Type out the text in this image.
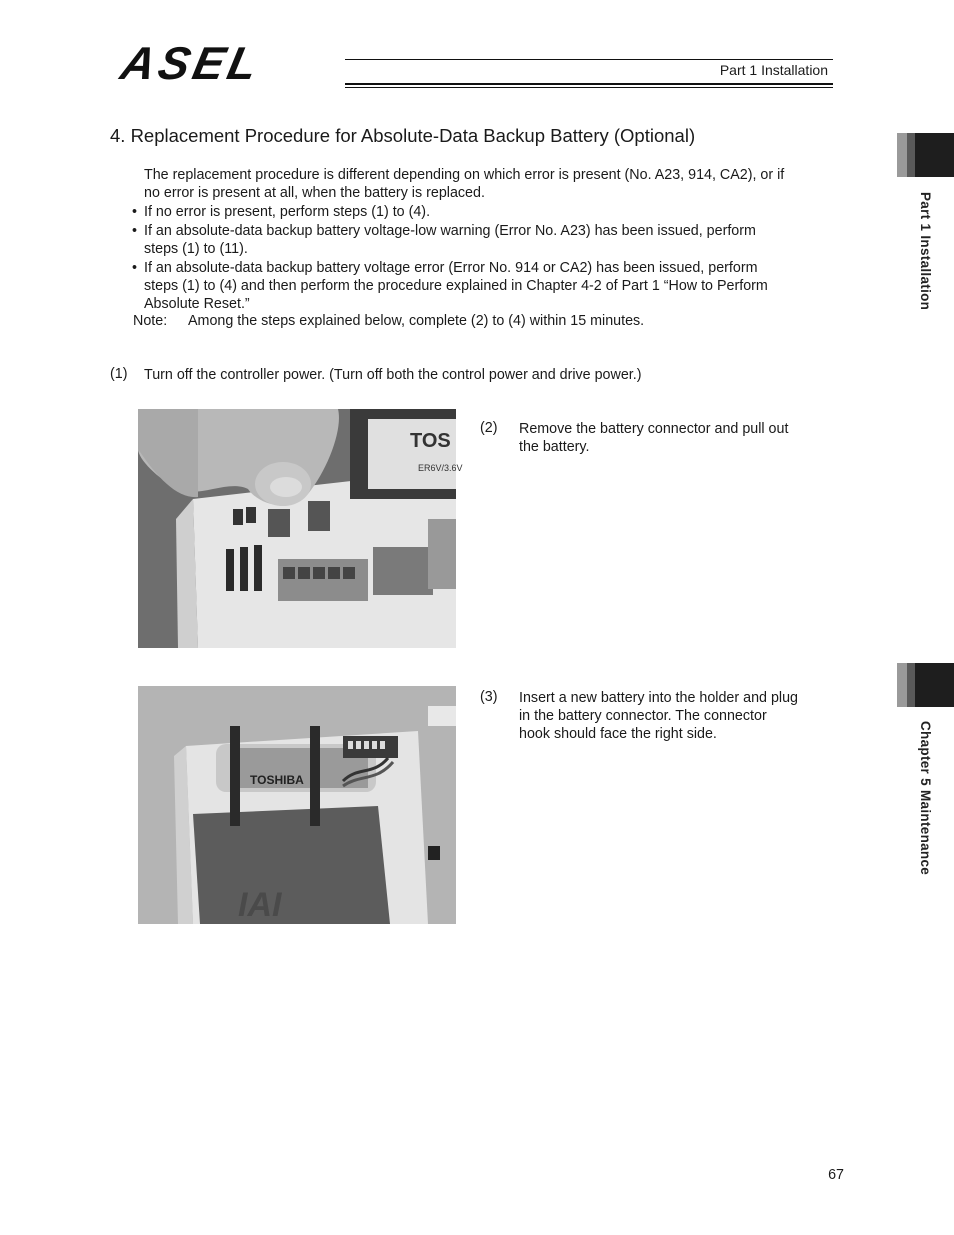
ASEL	Part 1 Installation
4. Replacement Procedure for Absolute-Data Backup Battery (Optional)
The replacement procedure is different depending on which error is present (No. A23, 914, CA2), or if
no error is present at all, when the battery is replaced.
• If no error is present, perform steps (1) to (4).
• If an absolute-data backup battery voltage-low warning (Error No. A23) has been issued, perform
steps (1) to (11).
• If an absolute-data backup battery voltage error (Error No. 914 or CA2) has been issued, perform
steps (1) to (4) and then perform the procedure explained in Chapter 4-2 of Part 1 “How to Perform
Absolute Reset.”
Note: Among the steps explained below, complete (2) to (4) within 15 minutes.
(1) Turn off the controller power. (Turn off both the control power and drive power.)
TOS
ER6V/3.6V
(2) Remove the battery connector and pull out
the battery.
IAI
TOSHIBA
(3) Insert a new battery into the holder and plug
in the battery connector. The connector
hook should face the right side.
Part 1 Installation
Chapter 5 Maintenance
67
